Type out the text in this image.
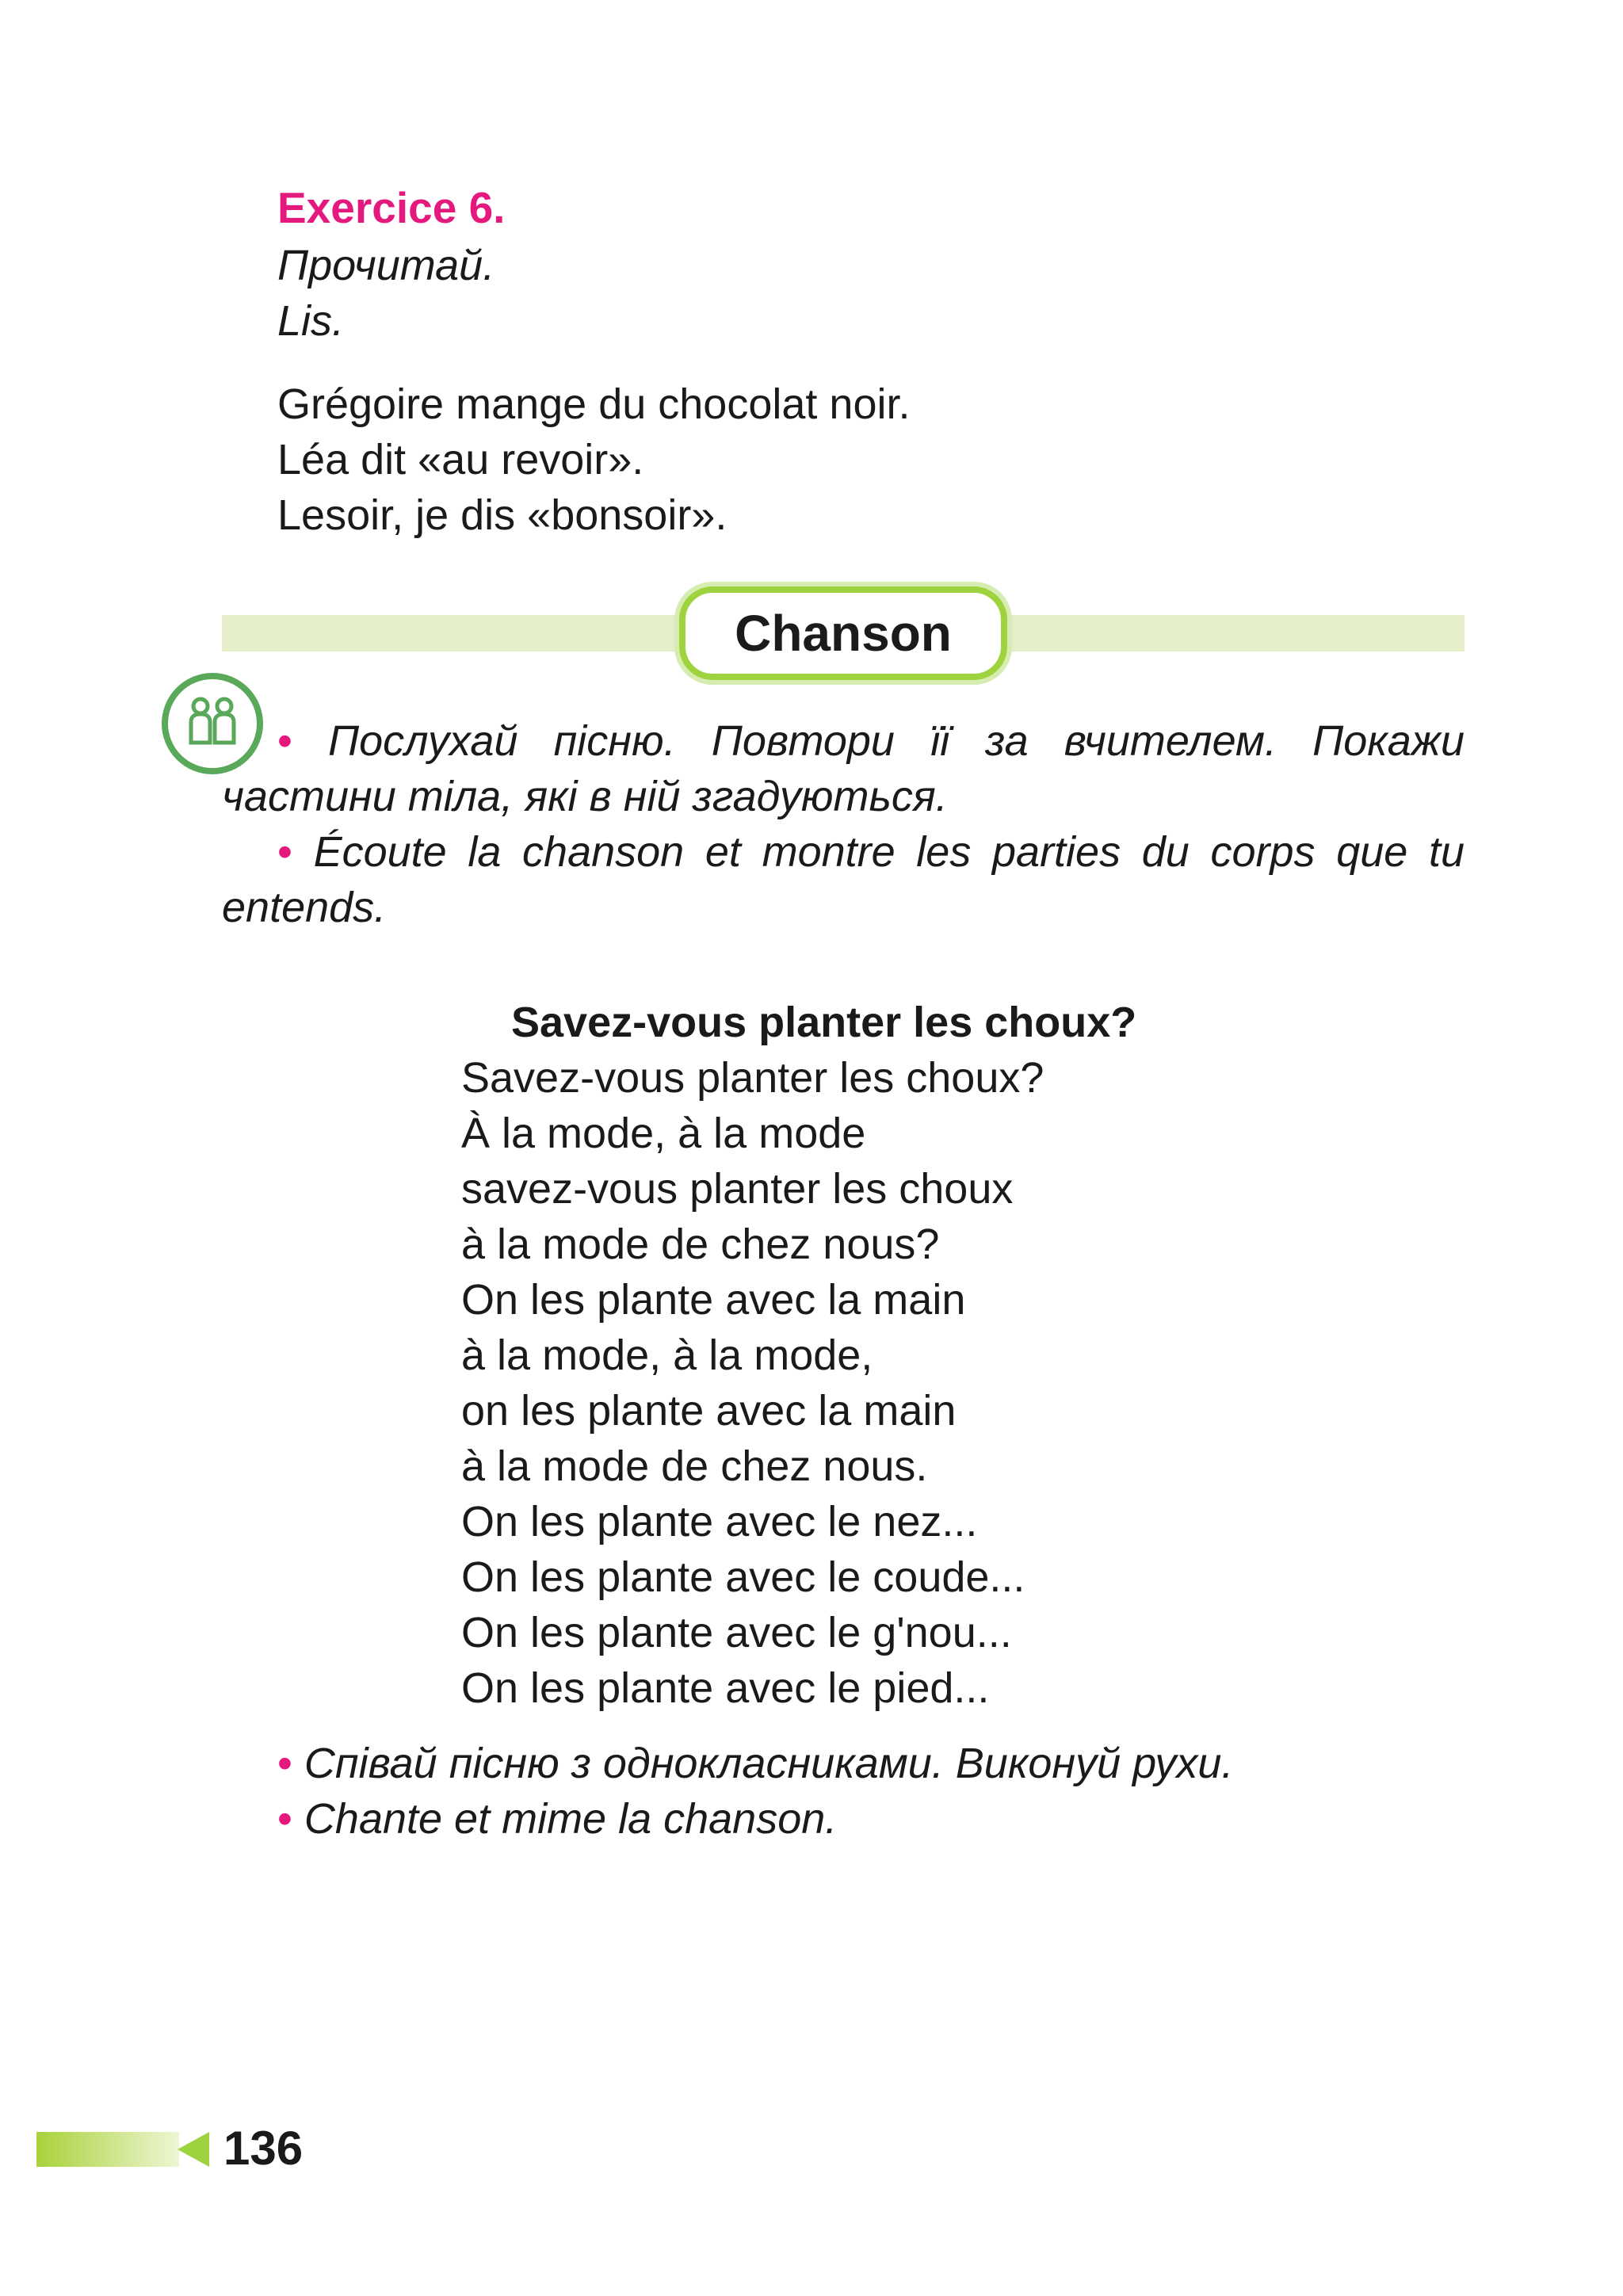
Exercice 6.
Прочитай.
Lis.
Grégoire mange du chocolat noir.
Léa dit «au revoir».
Lesoir, je dis «bonsoir».
Chanson
• Послухай пісню. Повтори її за вчителем. Покажи
частини тіла, які в ній згадуються.
• Écoute la chanson et montre les parties du corps que tu
entends.
Savez-vous planter les choux?
Savez-vous planter les choux?
À la mode, à la mode
savez-vous planter les choux
à la mode de chez nous?
On les plante avec la main
à la mode, à la mode,
on les plante avec la main
à la mode de chez nous.
On les plante avec le nez...
On les plante avec le coude...
On les plante avec le g'nou...
On les plante avec le pied...
• Співай пісню з однокласниками. Виконуй рухи.
• Chante et mime la chanson.
136
